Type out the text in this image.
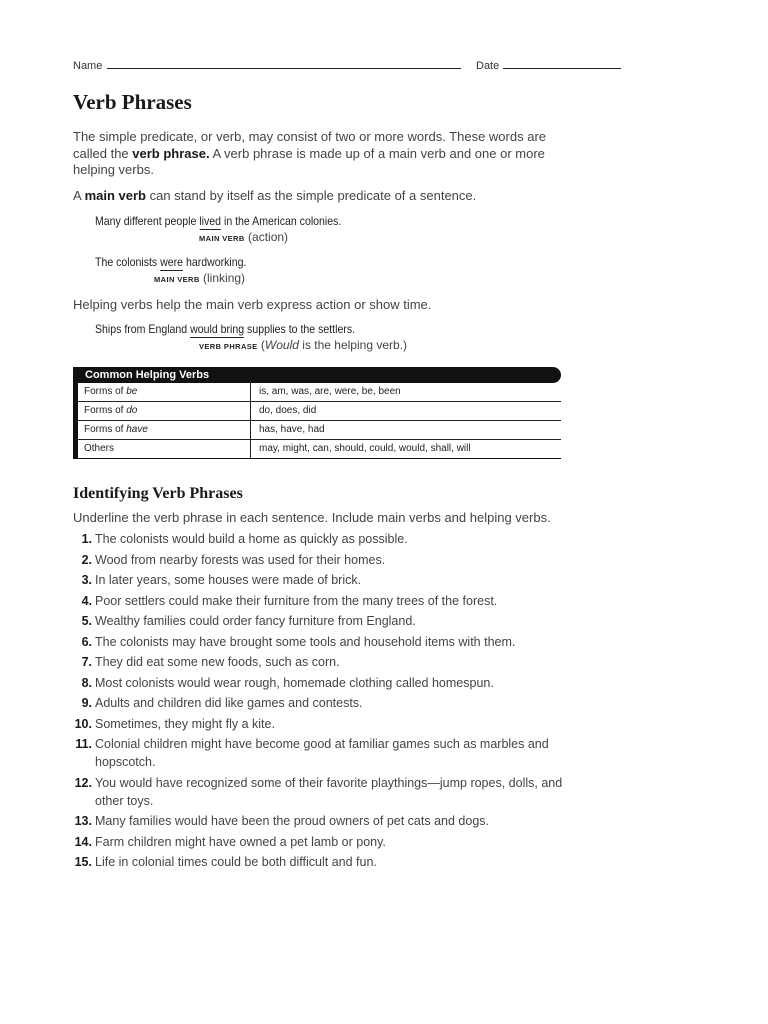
Name	Date
Verb Phrases
The simple predicate, or verb, may consist of two or more words. These words are called the verb phrase. A verb phrase is made up of a main verb and one or more helping verbs.
A main verb can stand by itself as the simple predicate of a sentence.
Many different people lived in the American colonies.
MAIN VERB (action)
The colonists were hardworking.
MAIN VERB (linking)
Helping verbs help the main verb express action or show time.
Ships from England would bring supplies to the settlers.
VERB PHRASE (Would is the helping verb.)
Common Helping Verbs
Forms of be	is, am, was, are, were, be, been
Forms of do	do, does, did
Forms of have	has, have, had
Others	may, might, can, should, could, would, shall, will
Identifying Verb Phrases
Underline the verb phrase in each sentence. Include main verbs and helping verbs.
1. The colonists would build a home as quickly as possible.
2. Wood from nearby forests was used for their homes.
3. In later years, some houses were made of brick.
4. Poor settlers could make their furniture from the many trees of the forest.
5. Wealthy families could order fancy furniture from England.
6. The colonists may have brought some tools and household items with them.
7. They did eat some new foods, such as corn.
8. Most colonists would wear rough, homemade clothing called homespun.
9. Adults and children did like games and contests.
10. Sometimes, they might fly a kite.
11. Colonial children might have become good at familiar games such as marbles and hopscotch.
12. You would have recognized some of their favorite playthings—jump ropes, dolls, and other toys.
13. Many families would have been the proud owners of pet cats and dogs.
14. Farm children might have owned a pet lamb or pony.
15. Life in colonial times could be both difficult and fun.
